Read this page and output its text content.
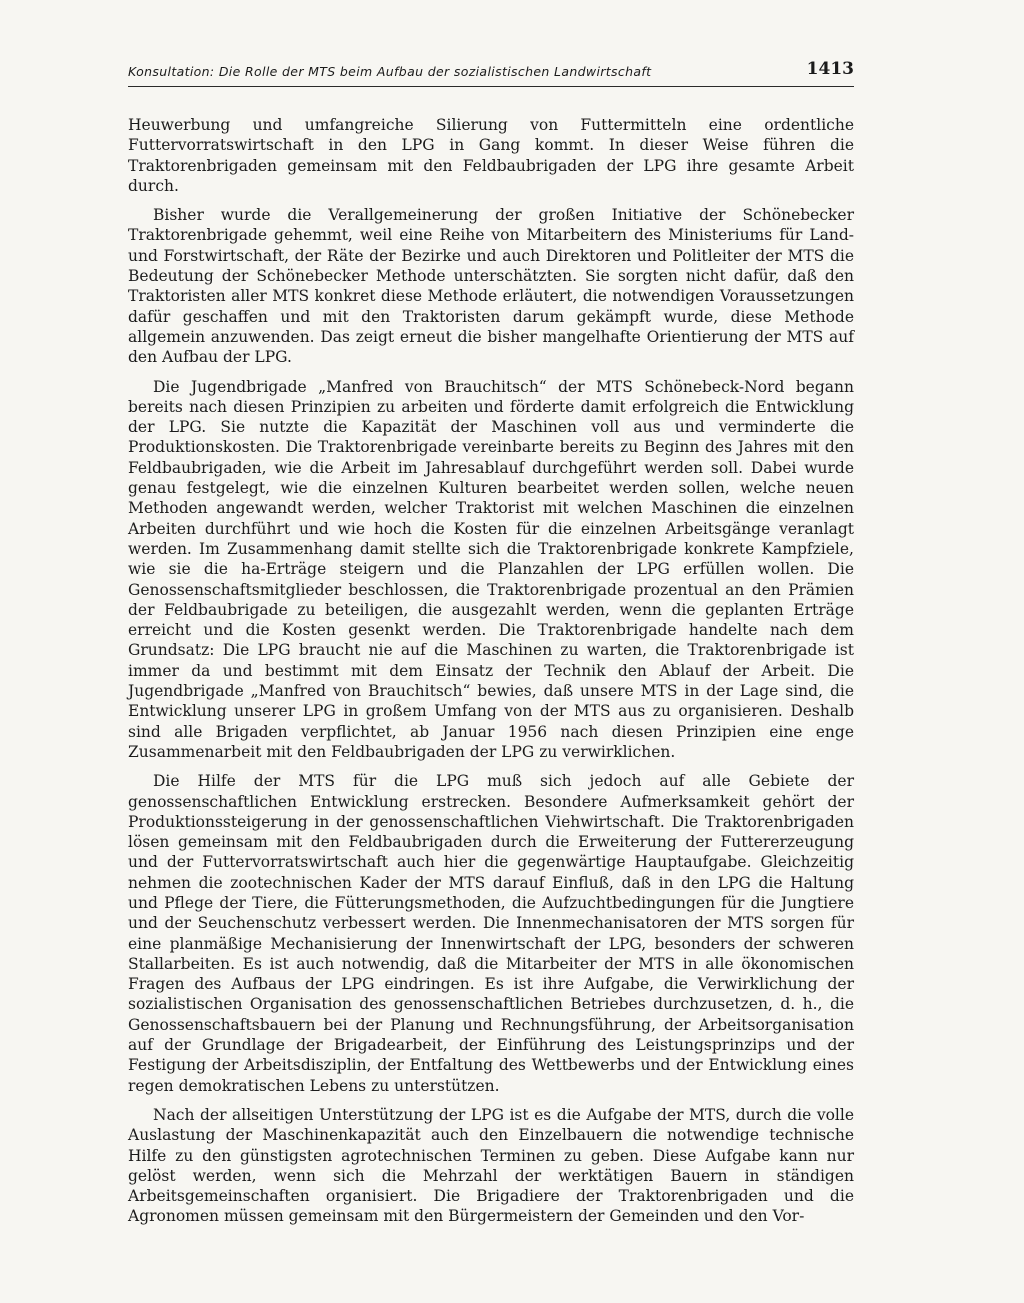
Konsultation: Die Rolle der MTS beim Aufbau der sozialistischen Landwirtschaft	1413

Heuwerbung und umfangreiche Silierung von Futtermitteln eine ordentliche Futtervorratswirtschaft in den LPG in Gang kommt. In dieser Weise führen die Traktorenbrigaden gemeinsam mit den Feldbaubrigaden der LPG ihre gesamte Arbeit durch.

Bisher wurde die Verallgemeinerung der großen Initiative der Schönebecker Traktorenbrigade gehemmt, weil eine Reihe von Mitarbeitern des Ministeriums für Land- und Forstwirtschaft, der Räte der Bezirke und auch Direktoren und Politleiter der MTS die Bedeutung der Schönebecker Methode unterschätzten. Sie sorgten nicht dafür, daß den Traktoristen aller MTS konkret diese Methode erläutert, die notwendigen Voraussetzungen dafür geschaffen und mit den Traktoristen darum gekämpft wurde, diese Methode allgemein anzuwenden. Das zeigt erneut die bisher mangelhafte Orientierung der MTS auf den Aufbau der LPG.

Die Jugendbrigade „Manfred von Brauchitsch“ der MTS Schönebeck-Nord begann bereits nach diesen Prinzipien zu arbeiten und förderte damit erfolgreich die Entwicklung der LPG. Sie nutzte die Kapazität der Maschinen voll aus und verminderte die Produktionskosten. Die Traktorenbrigade vereinbarte bereits zu Beginn des Jahres mit den Feldbaubrigaden, wie die Arbeit im Jahresablauf durchgeführt werden soll. Dabei wurde genau festgelegt, wie die einzelnen Kulturen bearbeitet werden sollen, welche neuen Methoden angewandt werden, welcher Traktorist mit welchen Maschinen die einzelnen Arbeiten durchführt und wie hoch die Kosten für die einzelnen Arbeitsgänge veranlagt werden. Im Zusammenhang damit stellte sich die Traktorenbrigade konkrete Kampfziele, wie sie die ha-Erträge steigern und die Planzahlen der LPG erfüllen wollen. Die Genossenschaftsmitglieder beschlossen, die Traktorenbrigade prozentual an den Prämien der Feldbaubrigade zu beteiligen, die ausgezahlt werden, wenn die geplanten Erträge erreicht und die Kosten gesenkt werden. Die Traktorenbrigade handelte nach dem Grundsatz: Die LPG braucht nie auf die Maschinen zu warten, die Traktorenbrigade ist immer da und bestimmt mit dem Einsatz der Technik den Ablauf der Arbeit. Die Jugendbrigade „Manfred von Brauchitsch“ bewies, daß unsere MTS in der Lage sind, die Entwicklung unserer LPG in großem Umfang von der MTS aus zu organisieren. Deshalb sind alle Brigaden verpflichtet, ab Januar 1956 nach diesen Prinzipien eine enge Zusammenarbeit mit den Feldbaubrigaden der LPG zu verwirklichen.

Die Hilfe der MTS für die LPG muß sich jedoch auf alle Gebiete der genossenschaftlichen Entwicklung erstrecken. Besondere Aufmerksamkeit gehört der Produktionssteigerung in der genossenschaftlichen Viehwirtschaft. Die Traktorenbrigaden lösen gemeinsam mit den Feldbaubrigaden durch die Erweiterung der Futtererzeugung und der Futtervorratswirtschaft auch hier die gegenwärtige Hauptaufgabe. Gleichzeitig nehmen die zootechnischen Kader der MTS darauf Einfluß, daß in den LPG die Haltung und Pflege der Tiere, die Fütterungsmethoden, die Aufzuchtbedingungen für die Jungtiere und der Seuchenschutz verbessert werden. Die Innenmechanisatoren der MTS sorgen für eine planmäßige Mechanisierung der Innenwirtschaft der LPG, besonders der schweren Stallarbeiten. Es ist auch notwendig, daß die Mitarbeiter der MTS in alle ökonomischen Fragen des Aufbaus der LPG eindringen. Es ist ihre Aufgabe, die Verwirklichung der sozialistischen Organisation des genossenschaftlichen Betriebes durchzusetzen, d. h., die Genossenschaftsbauern bei der Planung und Rechnungsführung, der Arbeitsorganisation auf der Grundlage der Brigadearbeit, der Einführung des Leistungsprinzips und der Festigung der Arbeitsdisziplin, der Entfaltung des Wettbewerbs und der Entwicklung eines regen demokratischen Lebens zu unterstützen.

Nach der allseitigen Unterstützung der LPG ist es die Aufgabe der MTS, durch die volle Auslastung der Maschinenkapazität auch den Einzelbauern die notwendige technische Hilfe zu den günstigsten agrotechnischen Terminen zu geben. Diese Aufgabe kann nur gelöst werden, wenn sich die Mehrzahl der werktätigen Bauern in ständigen Arbeitsgemeinschaften organisiert. Die Brigadiere der Traktorenbrigaden und die Agronomen müssen gemeinsam mit den Bürgermeistern der Gemeinden und den Vor-
